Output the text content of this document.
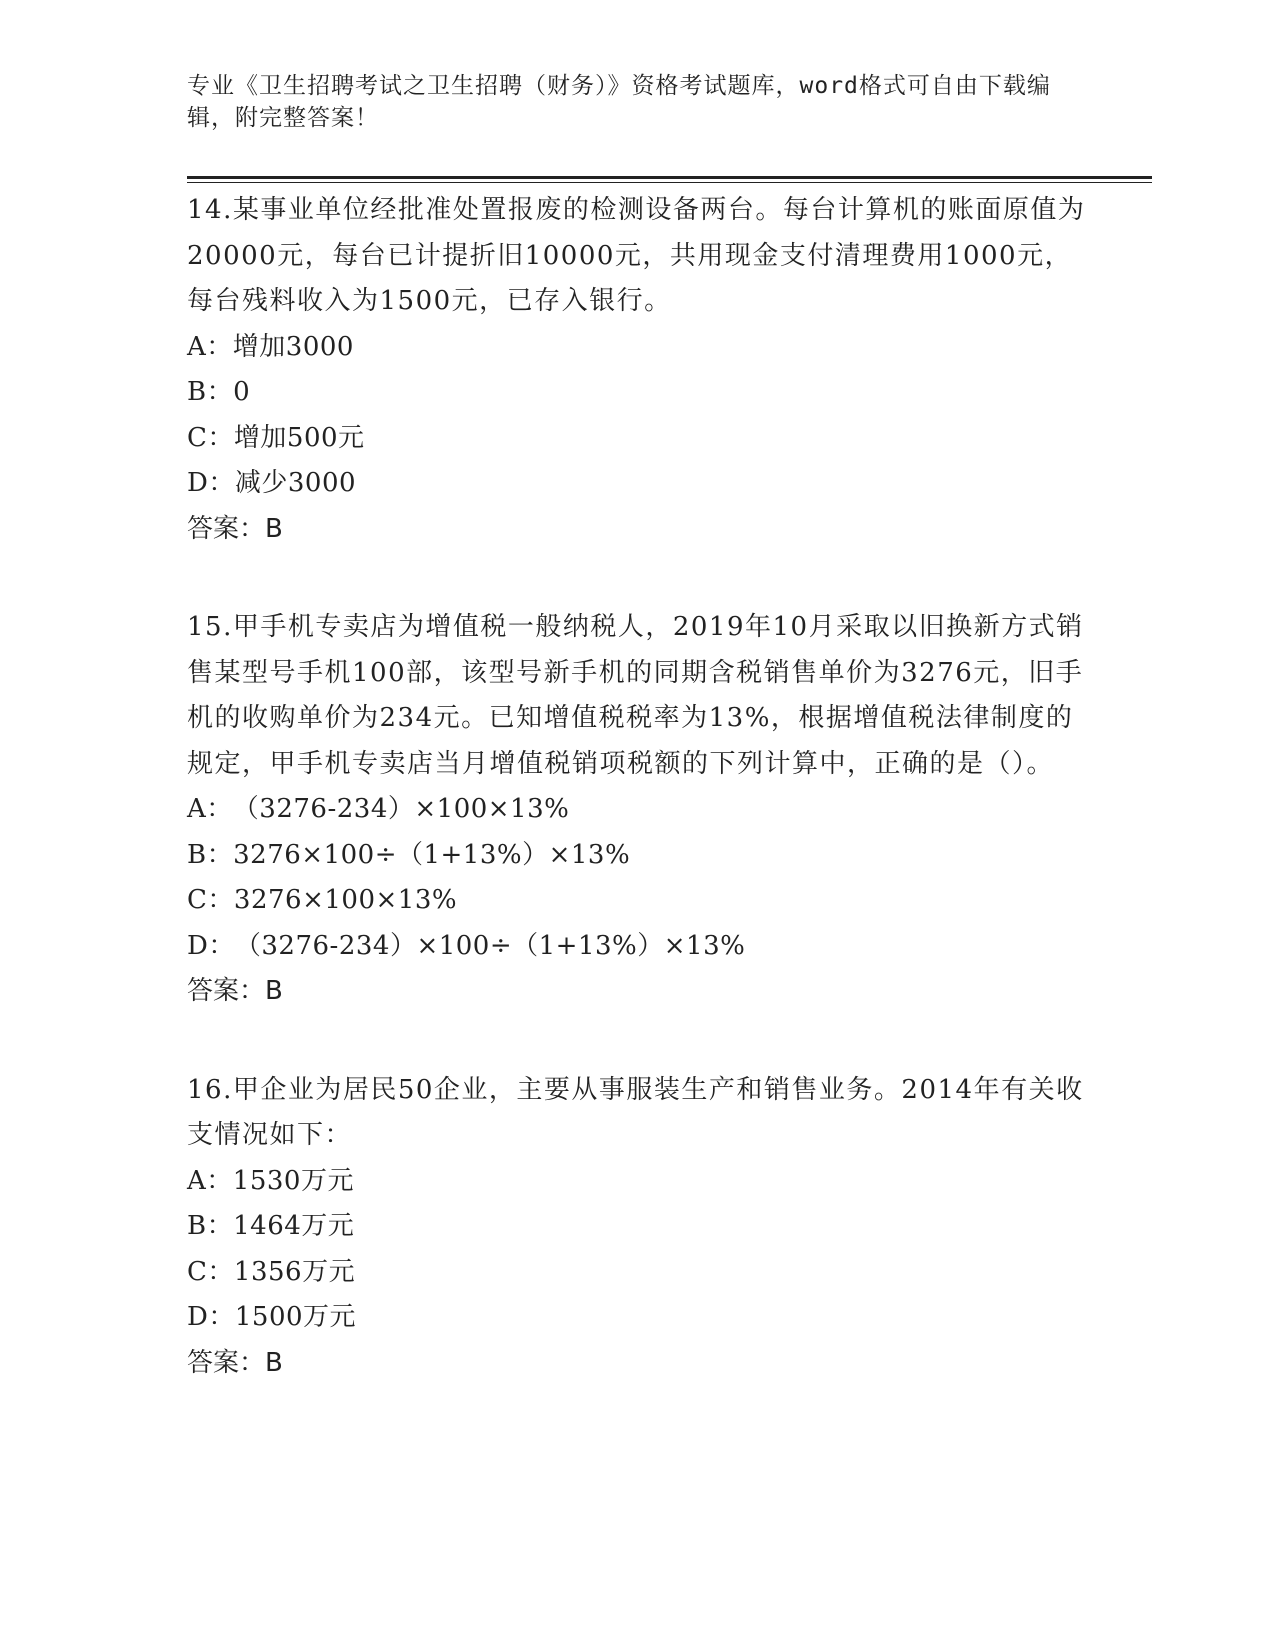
专业《卫生招聘考试之卫生招聘（财务）》资格考试题库，word格式可自由下载编辑，附完整答案！

14.某事业单位经批准处置报废的检测设备两台。每台计算机的账面原值为20000元，每台已计提折旧10000元，共用现金支付清理费用1000元，每台残料收入为1500元，已存入银行。

A：增加3000

B：0

C：增加500元

D：减少3000

答案：B

15.甲手机专卖店为增值税一般纳税人，2019年10月采取以旧换新方式销售某型号手机100部，该型号新手机的同期含税销售单价为3276元，旧手机的收购单价为234元。已知增值税税率为13%，根据增值税法律制度的规定，甲手机专卖店当月增值税销项税额的下列计算中，正确的是（）。

A：（3276-234）×100×13%

B：3276×100÷（1+13%）×13%

C：3276×100×13%

D：（3276-234）×100÷（1+13%）×13%

答案：B

16.甲企业为居民50企业，主要从事服装生产和销售业务。2014年有关收支情况如下：

A：1530万元

B：1464万元

C：1356万元

D：1500万元

答案：B
